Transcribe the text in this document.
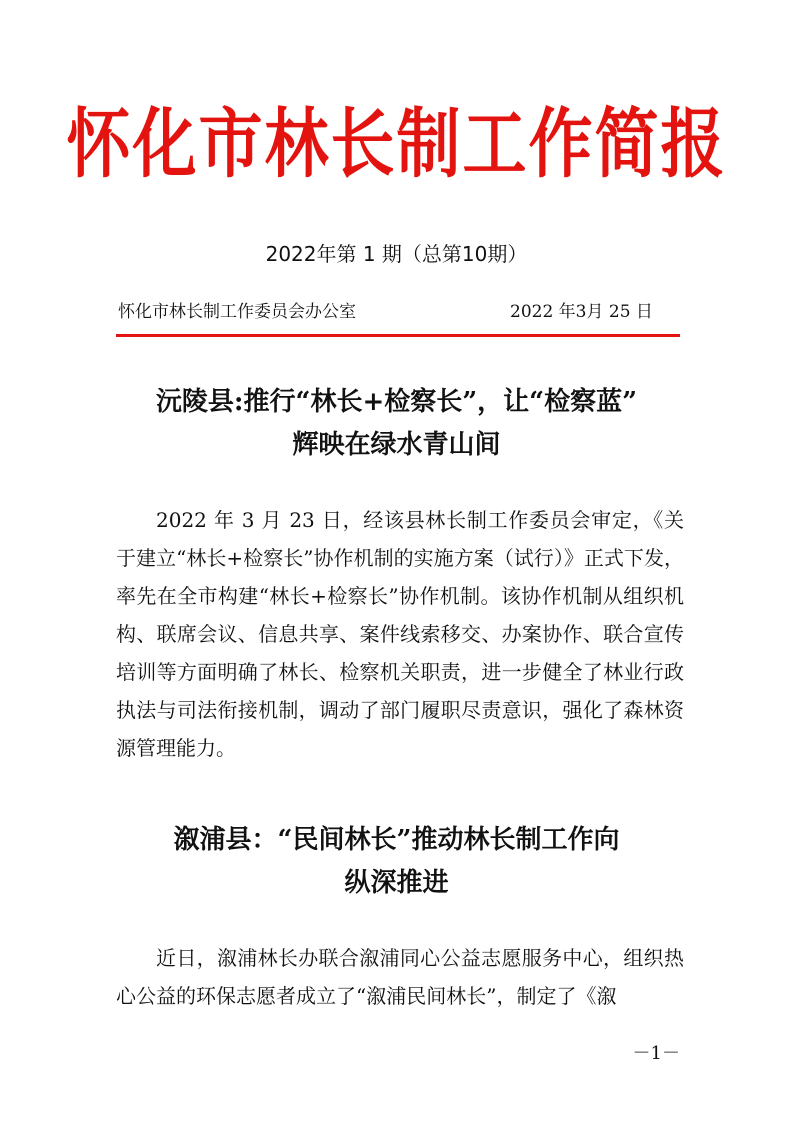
怀化市林长制工作简报
2022年第 1 期（总第10期）
怀化市林长制工作委员会办公室	2022 年3月 25 日
沅陵县:推行“林长+检察长”，让“检察蓝”
辉映在绿水青山间

2022 年 3 月 23 日，经该县林长制工作委员会审定，《关于建立“林长+检察长”协作机制的实施方案（试行）》正式下发，率先在全市构建“林长+检察长”协作机制。该协作机制从组织机构、联席会议、信息共享、案件线索移交、办案协作、联合宣传培训等方面明确了林长、检察机关职责，进一步健全了林业行政执法与司法衔接机制，调动了部门履职尽责意识，强化了森林资源管理能力。

溆浦县：“民间林长”推动林长制工作向
纵深推进

近日，溆浦林长办联合溆浦同心公益志愿服务中心，组织热心公益的环保志愿者成立了“溆浦民间林长”，制定了《溆

－1－
